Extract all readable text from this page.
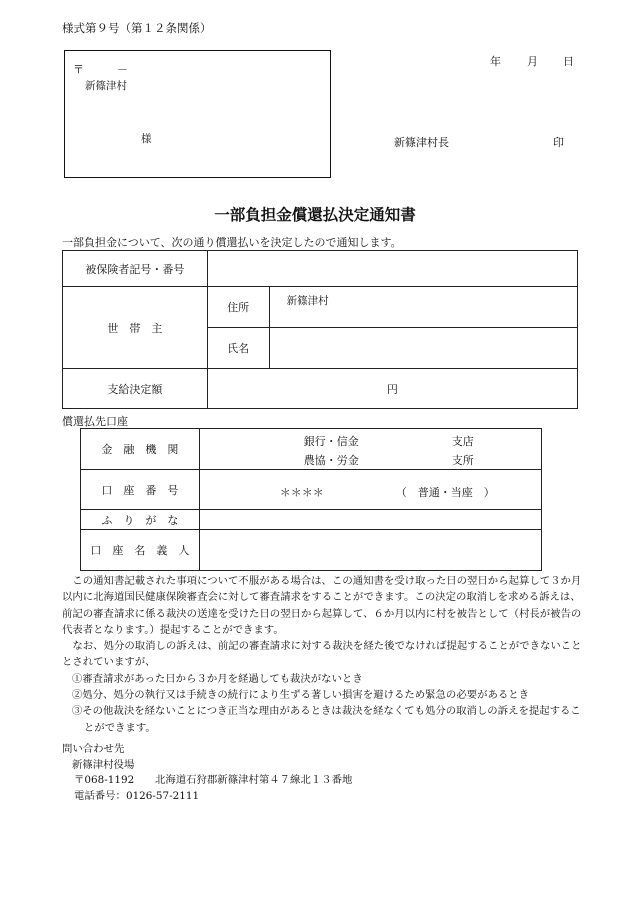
様式第９号（第１２条関係）
〒　　　－
新篠津村
様
年 月 日
新篠津村長	印
一部負担金償還払決定通知書
一部負担金について、次の通り償還払いを決定したので通知します。
被保険者記号・番号		
世　帯　主	住所	新篠津村
	氏名	
支給決定額	円	
償還払先口座
金　融　機　関	銀行・信金 支店
農協・労金 支所

口　座　番　号	＊＊＊＊ （　普通・当座　）

ふ　り　が　な	
口　座　名　義　人	

この通知書記載された事項について不服がある場合は、この通知書を受け取った日の翌日から起算して３か月以内に北海道国民健康保険審査会に対して審査請求をすることができます。この決定の取消しを求める訴えは、前記の審査請求に係る裁決の送達を受けた日の翌日から起算して、６か月以内に村を被告として（村長が被告の代表者となります。）提起することができます。

なお、処分の取消しの訴えは、前記の審査請求に対する裁決を経た後でなければ提起することができないこととされていますが、

①審査請求があった日から３か月を経過しても裁決がないとき

②処分、処分の執行又は手続きの続行により生ずる著しい損害を避けるため緊急の必要があるとき

③その他裁決を経ないことにつき正当な理由があるときは裁決を経なくても処分の取消しの訴えを提起することができます。

問い合わせ先
新篠津村役場
〒068-1192　　北海道石狩郡新篠津村第４７線北１３番地
電話番号：0126-57-2111
